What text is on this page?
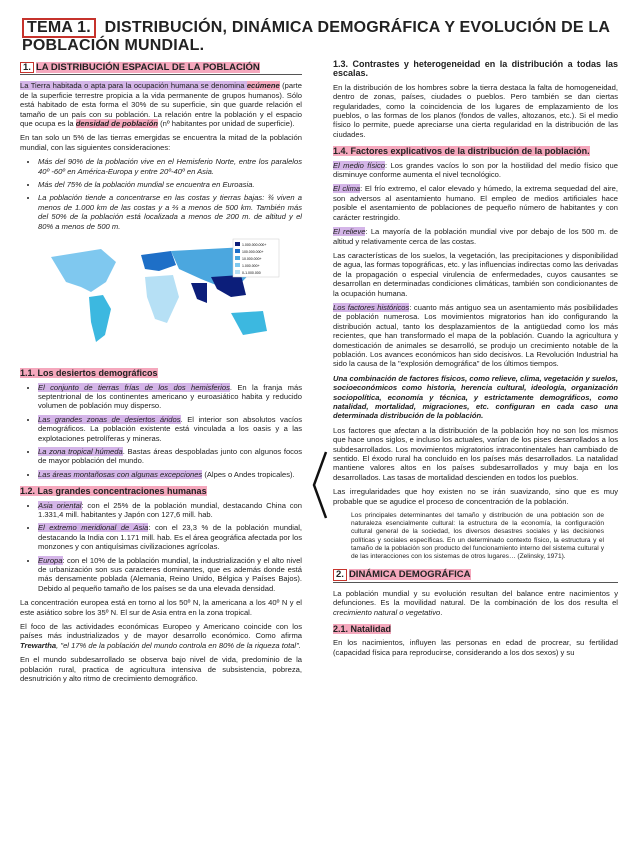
TEMA 1. DISTRIBUCIÓN, DINÁMICA DEMOGRÁFICA Y EVOLUCIÓN DE LA
POBLACIÓN MUNDIAL.
1. LA DISTRIBUCIÓN ESPACIAL DE LA POBLACIÓN

La Tierra habitada o apta para la ocupación humana se denomina ecúmene (parte de la superficie terrestre propicia a la vida permanente de grupos humanos). Sólo está habitado de esta forma el 30% de su superficie, sin que guarde relación el tamaño de un país con su población. La relación entre la población y el espacio que ocupa es la densidad de población (nº habitantes por unidad de superficie).

En tan solo un 5% de las tierras emergidas se encuentra la mitad de la población mundial, con las siguientes consideraciones:

• Más del 90% de la población vive en el Hemisferio Norte, entre los paralelos 40º -60º en América-Europa y entre 20º-40º en Asia.
• Más del 75% de la población mundial se encuentra en Euroasia.
• La población tiende a concentrarse en las costas y tierras bajas: ¾ viven a menos de 1.000 km de las costas y a ⅔ a menos de 500 km. También más del 50% de la población está localizada a menos de 200 m. de altitud y el 80% a menos de 500 m.
1.000.000.000+
100.000.000+
10.000.000+
1.000.000+
0-1.000.000
1.1. Los desiertos demográficos
• El conjunto de tierras frías de los dos hemisferios. En la franja más septentrional de los continentes americano y euroasiático habita y reducido volumen de población muy disperso.
• Las grandes zonas de desiertos áridos. El interior son absolutos vacíos demográficos. La población existente está vinculada a los oasis y a las explotaciones petrolíferas y mineras.
• La zona tropical húmeda. Bastas áreas despobladas junto con algunos focos de mayor población del mundo.
• Las áreas montañosas con algunas excepciones (Alpes o Andes tropicales).
1.2. Las grandes concentraciones humanas
• Asia oriental: con el 25% de la población mundial, destacando China con 1.331,4 mill. habitantes y Japón con 127,6 mill. hab.
• El extremo meridional de Asia: con el 23,3 % de la población mundial, destacando la India con 1.171 mill. hab. Es el área geográfica afectada por los monzones y con antiquísimas civilizaciones agrícolas.
• Europa: con el 10% de la población mundial, la industrialización y el alto nivel de urbanización son sus caracteres dominantes, que es además donde está más densamente poblada (Alemania, Reino Unido, Bélgica y Países Bajos). Debido al pequeño tamaño de los países se da una elevada densidad.

La concentración europea está en torno al los 50º N, la americana a los 40º N y el este asiático sobre los 35º N. El sur de Asia entra en la zona tropical.

El foco de las actividades económicas Europeo y Americano coincide con los países más industrializados y de mayor desarrollo económico. Como afirma Trewartha, "el 17% de la población del mundo controla en 80% de la riqueza total".

En el mundo subdesarrollado se observa bajo nivel de vida, predominio de la población rural, practica de agricultura intensiva de subsistencia, pobreza, desnutrición y alto ritmo de crecimiento demográfico.

1.3. Contrastes y heterogeneidad en la distribución a todas las escalas.

En la distribución de los hombres sobre la tierra destaca la falta de homogeneidad, dentro de zonas, países, ciudades o pueblos. Pero también se dan ciertas regularidades, como la coincidencia de los lugares de emplazamiento de los pueblos, o las formas de los planos (fondos de valles, altozanos, etc.). Si el medio físico lo permite, puede apreciarse una cierta regularidad en la distribución de las ciudades.

1.4. Factores explicativos de la distribución de la población.

El medio físico: Los grandes vacíos lo son por la hostilidad del medio físico que disminuye conforme aumenta el nivel tecnológico.

El clima: El frío extremo, el calor elevado y húmedo, la extrema sequedad del aire, son adversos al asentamiento humano. El empleo de medios artificiales hace posible el asentamiento de poblaciones de pequeño número de habitantes y con carácter restringido.

El relieve: La mayoría de la población mundial vive por debajo de los 500 m. de altitud y relativamente cerca de las costas.

Las características de los suelos, la vegetación, las precipitaciones y disponibilidad de agua, las formas topográficas, etc. y las influencias indirectas como las derivadas de la propagación o especial virulencia de enfermedades, cuyos causantes se desarrollan en determinadas condiciones climáticas, también son condicionantes de la ocupación humana.

Los factores históricos: cuanto más antiguo sea un asentamiento más posibilidades de población numerosa. Los movimientos migratorios han ido configurando la distribución actual, tanto los desplazamientos de la antigüedad como los más recientes, que han transformado el mapa de la población. Cuando la agricultura y domesticación de animales se desarrolló, se produjo un crecimiento notable de la población. Los avances económicos han sido decisivos. La Revolución Industrial ha sido la causa de la "explosión demográfica" de los últimos tiempos.

Una combinación de factores físicos, como relieve, clima, vegetación y suelos, socioeconómicos como historia, herencia cultural, ideología, organización sociopolítica, economía y técnica, y estrictamente demográficos, como natalidad, mortalidad, migraciones, etc. configuran en cada caso una determinada distribución de la población.

Los factores que afectan a la distribución de la población hoy no son los mismos que hace unos siglos, e incluso los actuales, varían de los pises desarrollados a los subdesarrollados. Los movimientos migratorios intracontinentales han cambiado de sentido. El éxodo rural ha concluido en los países más desarrollados. La natalidad mantiene valores altos en los países subdesarrollados y muy baja en los desarrollados. Las tasas de mortalidad descienden en todos los pueblos.

Las irregularidades que hoy existen no se irán suavizando, sino que es muy probable que se agudice el proceso de concentración de la población.

Los principales determinantes del tamaño y distribución de una población son de naturaleza esencialmente cultural: la estructura de la economía, la configuración cultural general de la sociedad, los diversos desastres sociales y las decisiones políticas y sociales específicas. En un determinado contexto físico, la estructura y el tamaño de la población son producto del funcionamiento interno del sistema cultural y de las interacciones con los sistemas de otros lugares… (Zelinsky, 1971).
2. DINÁMICA DEMOGRÁFICA

La población mundial y su evolución resultan del balance entre nacimientos y defunciones. Es la movilidad natural. De la combinación de los dos resulta el crecimiento natural o vegetativo.

2.1. Natalidad

En los nacimientos, influyen las personas en edad de procrear, su fertilidad (capacidad física para reproducirse, considerando a los dos sexos) y su
